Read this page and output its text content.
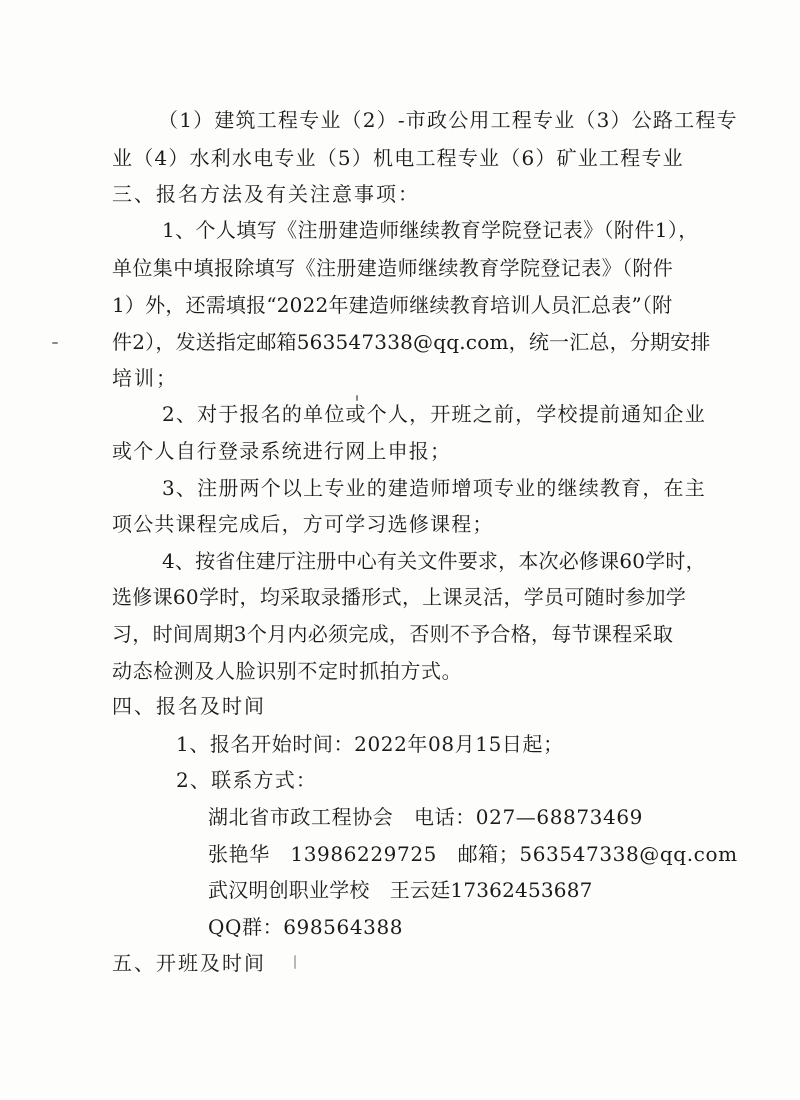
（1）建筑工程专业（2）-市政公用工程专业（3）公路工程专
业（4）水利水电专业（5）机电工程专业（6）矿业工程专业
三、报名方法及有关注意事项：
1、个人填写《注册建造师继续教育学院登记表》（附件1），
单位集中填报除填写《注册建造师继续教育学院登记表》（附件
1）外，还需填报“2022年建造师继续教育培训人员汇总表”（附
件2），发送指定邮箱563547338@qq.com，统一汇总，分期安排
培训；
2、对于报名的单位或个人，开班之前，学校提前通知企业
或个人自行登录系统进行网上申报；
3、注册两个以上专业的建造师增项专业的继续教育，在主
项公共课程完成后，方可学习选修课程；
4、按省住建厅注册中心有关文件要求，本次必修课60学时，
选修课60学时，均采取录播形式，上课灵活，学员可随时参加学
习，时间周期3个月内必须完成，否则不予合格，每节课程采取
动态检测及人脸识别不定时抓拍方式。
四、报名及时间
1、报名开始时间：2022年08月15日起；
2、联系方式：
湖北省市政工程协会　电话：027—68873469
张艳华　13986229725　邮箱；563547338@qq.com
武汉明创职业学校　王云廷17362453687
QQ群：698564388
五、开班及时间
